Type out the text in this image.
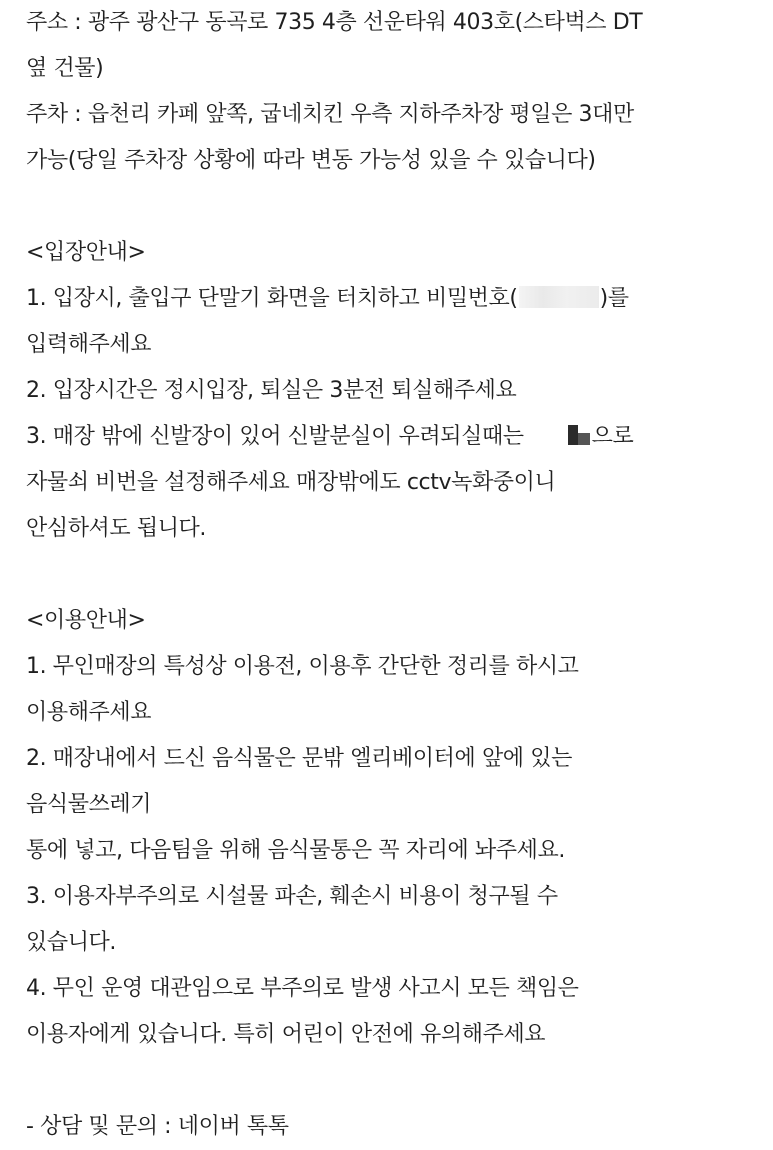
주소 : 광주 광산구 동곡로 735 4층 선운타워 403호(스타벅스 DT
옆 건물)
주차 : 읍천리 카페 앞쪽, 굽네치킨 우측 지하주차장 평일은 3대만
가능(당일 주차장 상황에 따라 변동 가능성 있을 수 있습니다)
<입장안내>
1. 입장시, 출입구 단말기 화면을 터치하고 비밀번호(	)를
입력해주세요
2. 입장시간은 정시입장, 퇴실은 3분전 퇴실해주세요
3. 매장 밖에 신발장이 있어 신발분실이 우려되실때는	으로
자물쇠 비번을 설정해주세요 매장밖에도 cctv녹화중이니
안심하셔도 됩니다.
<이용안내>
1. 무인매장의 특성상 이용전, 이용후 간단한 정리를 하시고
이용해주세요
2. 매장내에서 드신 음식물은 문밖 엘리베이터에 앞에 있는
음식물쓰레기
통에 넣고, 다음팀을 위해 음식물통은 꼭 자리에 놔주세요.
3. 이용자부주의로 시설물 파손, 훼손시 비용이 청구될 수
있습니다.
4. 무인 운영 대관임으로 부주의로 발생 사고시 모든 책임은
이용자에게 있습니다. 특히 어린이 안전에 유의해주세요
- 상담 및 문의 : 네이버 톡톡
